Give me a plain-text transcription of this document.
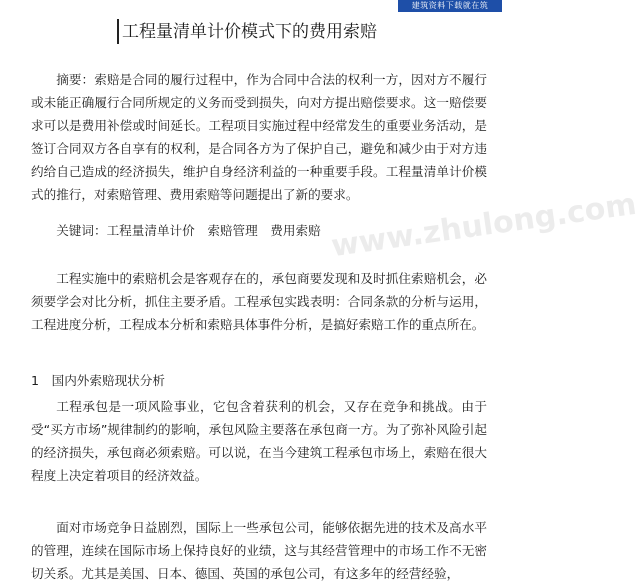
建筑资料下载就在筑
工程量清单计价模式下的费用索赔
www.zhulong.com

摘要：索赔是合同的履行过程中，作为合同中合法的权利一方，因对方不履行或未能正确履行合同所规定的义务而受到损失，向对方提出赔偿要求。这一赔偿要求可以是费用补偿或时间延长。工程项目实施过程中经常发生的重要业务活动，是签订合同双方各自享有的权利，是合同各方为了保护自己，避免和减少由于对方违约给自己造成的经济损失，维护自身经济利益的一种重要手段。工程量清单计价模式的推行，对索赔管理、费用索赔等问题提出了新的要求。

关键词：工程量清单计价　索赔管理　费用索赔

工程实施中的索赔机会是客观存在的，承包商要发现和及时抓住索赔机会，必须要学会对比分析，抓住主要矛盾。工程承包实践表明：合同条款的分析与运用，工程进度分析，工程成本分析和索赔具体事件分析，是搞好索赔工作的重点所在。

1　国内外索赔现状分析

工程承包是一项风险事业，它包含着获利的机会，又存在竞争和挑战。由于受“买方市场”规律制约的影响，承包风险主要落在承包商一方。为了弥补风险引起的经济损失，承包商必须索赔。可以说，在当今建筑工程承包市场上，索赔在很大程度上决定着项目的经济效益。

面对市场竞争日益剧烈，国际上一些承包公司，能够依据先进的技术及高水平的管理，连续在国际市场上保持良好的业绩，这与其经营管理中的市场工作不无密切关系。尤其是美国、日本、德国、英国的承包公司，有这多年的经营经验，
